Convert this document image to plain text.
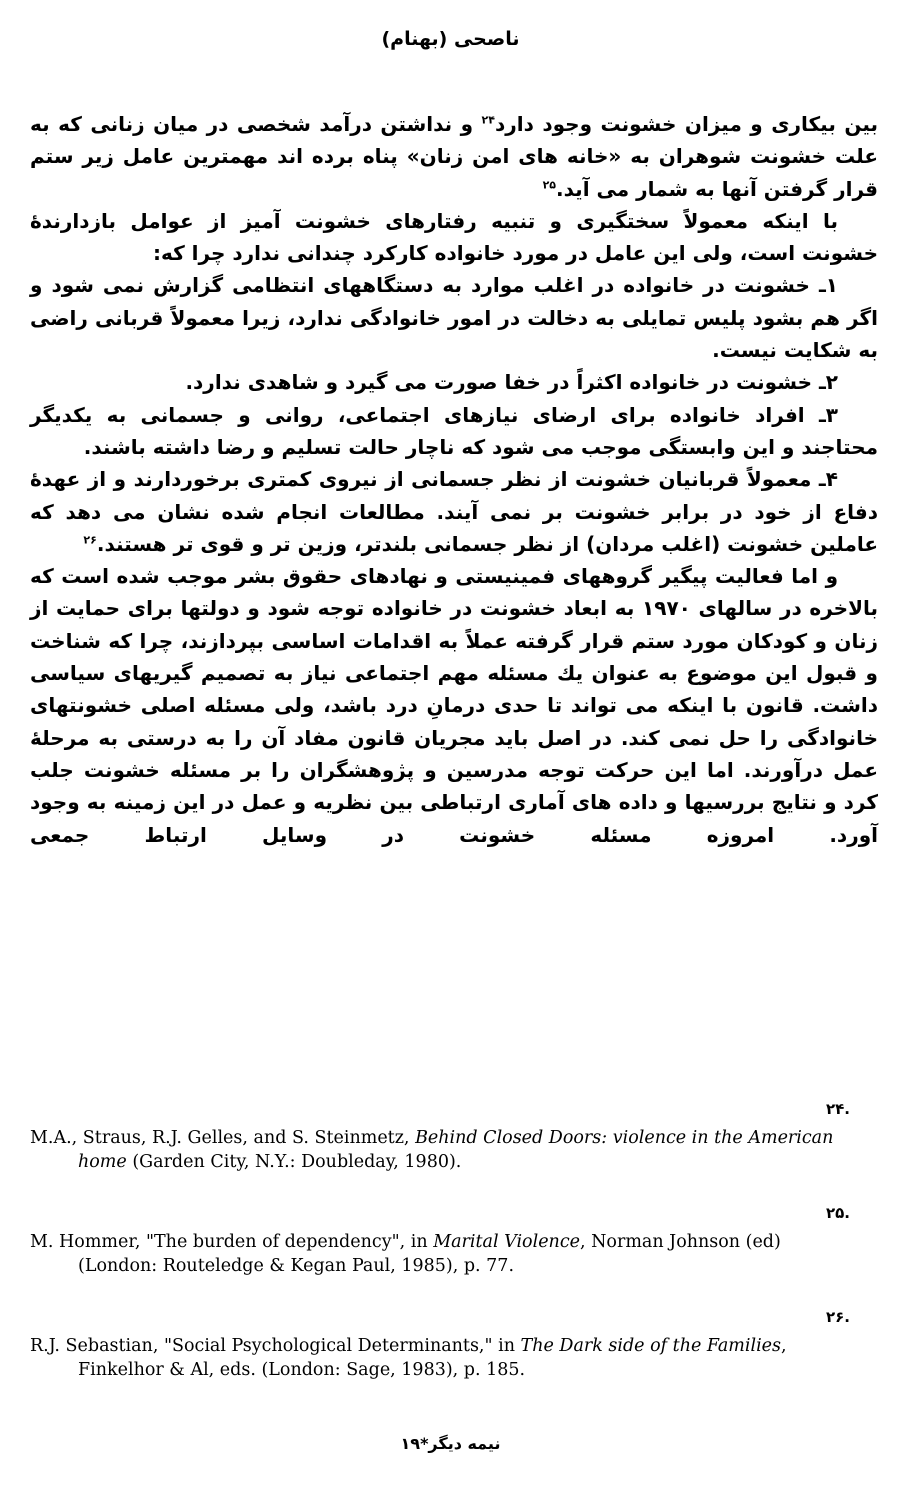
ناصحی (بهنام)

بین بیکاری و میزان خشونت وجود دارد$^{۲۴}$ و نداشتن درآمد شخصی در میان زنانی که به علت خشونت شوهران به «خانه های امن زنان» پناه برده اند مهمترین عامل زیر ستم قرار گرفتن آنها به شمار می آید.$^{۲۵}$

با اینکه معمولاً سختگیری و تنبیه رفتارهای خشونت آمیز از عوامل بازدارندهٔ خشونت است، ولی این عامل در مورد خانواده کارکرد چندانی ندارد چرا که:

۱ـ خشونت در خانواده در اغلب موارد به دستگاههای انتظامی گزارش نمی شود و اگر هم بشود پلیس تمایلی به دخالت در امور خانوادگی ندارد، زیرا معمولاً قربانی راضی به شکایت نیست.

۲ـ خشونت در خانواده اکثراً در خفا صورت می گیرد و شاهدی ندارد.

۳ـ افراد خانواده برای ارضای نیازهای اجتماعی، روانی و جسمانی به یکدیگر محتاجند و این وابستگی موجب می شود که ناچار حالت تسلیم و رضا داشته باشند.

۴ـ معمولاً قربانیان خشونت از نظر جسمانی از نیروی کمتری برخوردارند و از عهدهٔ دفاع از خود در برابر خشونت بر نمی آیند. مطالعات انجام شده نشان می دهد که عاملین خشونت (اغلب مردان) از نظر جسمانی بلندتر، وزین تر و قوی تر هستند.$^{۲۶}$

و اما فعالیت پیگیر گروههای فمینیستی و نهادهای حقوق بشر موجب شده است که بالاخره در سالهای ۱۹۷۰ به ابعاد خشونت در خانواده توجه شود و دولتها برای حمایت از زنان و کودکان مورد ستم قرار گرفته عملاً به اقدامات اساسی بپردازند، چرا که شناخت و قبول این موضوع به عنوان یك مسئله مهم اجتماعی نیاز به تصمیم گیریهای سیاسی داشت. قانون با اینکه می تواند تا حدی درمانِ درد باشد، ولی مسئله اصلی خشونتهای خانوادگی را حل نمی کند. در اصل باید مجریان قانون مفاد آن را به درستی به مرحلهٔ عمل درآورند. اما این حرکت توجه مدرسین و پژوهشگران را بر مسئله خشونت جلب کرد و نتایج بررسیها و داده های آماری ارتباطی بین نظریه و عمل در این زمینه به وجود آورد. امروزه مسئله خشونت در وسایل ارتباط جمعی

.۲۴
M.A., Straus, R.J. Gelles, and S. Steinmetz, Behind Closed Doors: violence in the American home (Garden City, N.Y.: Doubleday, 1980).
.۲۵
M. Hommer, "The burden of dependency", in Marital Violence, Norman Johnson (ed) (London: Routeledge & Kegan Paul, 1985), p. 77.
.۲۶
R.J. Sebastian, "Social Psychological Determinants," in The Dark side of the Families, Finkelhor & Al, eds. (London: Sage, 1983), p. 185.
نیمه دیگر*۱۹
